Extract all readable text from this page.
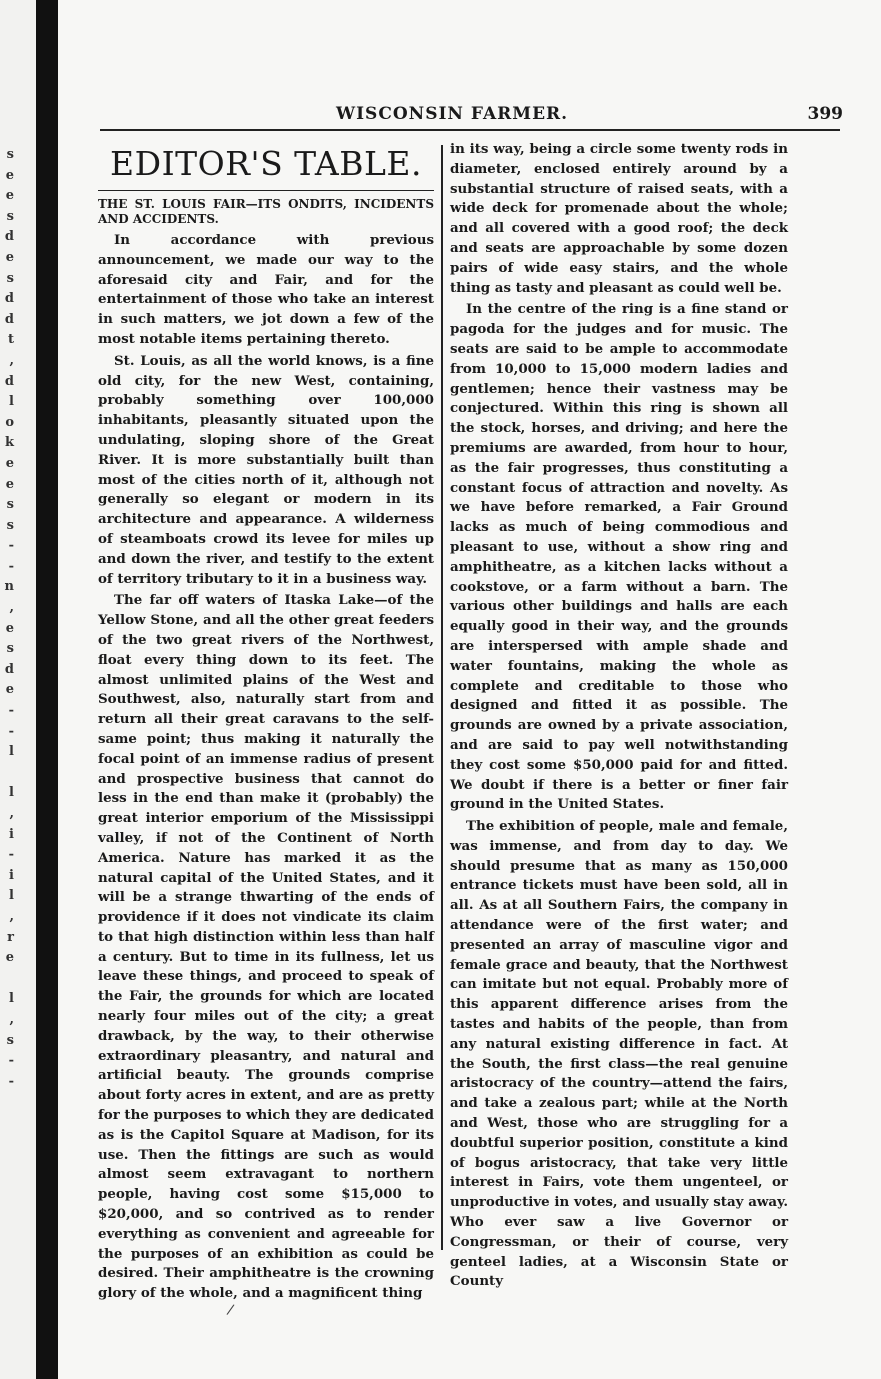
s
e
e
s
d
e
s
d
d
t
,
d
l
o
k
e
e
s
s
-
-
n
,
e
s
d
e
-
-
l

l
,
i
-
i
l
,
r
e

l
,
s
-
-
WISCONSIN FARMER.	399
EDITOR'S TABLE.
THE ST. LOUIS FAIR—ITS ONDITS, INCIDENTS AND ACCIDENTS.

In accordance with previous announcement, we made our way to the aforesaid city and Fair, and for the entertainment of those who take an interest in such matters, we jot down a few of the most notable items pertaining thereto.

St. Louis, as all the world knows, is a fine old city, for the new West, containing, probably something over 100,000 inhabitants, pleasantly situated upon the undulating, sloping shore of the Great River. It is more substantially built than most of the cities north of it, although not generally so elegant or modern in its architecture and appearance. A wilderness of steamboats crowd its levee for miles up and down the river, and testify to the extent of territory tributary to it in a business way.

The far off waters of Itaska Lake—of the Yellow Stone, and all the other great feeders of the two great rivers of the Northwest, float every thing down to its feet. The almost unlimited plains of the West and Southwest, also, naturally start from and return all their great caravans to the self-same point; thus making it naturally the focal point of an immense radius of present and prospective business that cannot do less in the end than make it (probably) the great interior emporium of the Mississippi valley, if not of the Continent of North America. Nature has marked it as the natural capital of the United States, and it will be a strange thwarting of the ends of providence if it does not vindicate its claim to that high distinction within less than half a century. But to time in its fullness, let us leave these things, and proceed to speak of the Fair, the grounds for which are located nearly four miles out of the city; a great drawback, by the way, to their otherwise extraordinary pleasantry, and natural and artificial beauty. The grounds comprise about forty acres in extent, and are as pretty for the purposes to which they are dedicated as is the Capitol Square at Madison, for its use. Then the fittings are such as would almost seem extravagant to northern people, having cost some $15,000 to $20,000, and so contrived as to render everything as convenient and agreeable for the purposes of an exhibition as could be desired. Their amphitheatre is the crowning glory of the whole, and a magnificent thing

in its way, being a circle some twenty rods in diameter, enclosed entirely around by a substantial structure of raised seats, with a wide deck for promenade about the whole; and all covered with a good roof; the deck and seats are approachable by some dozen pairs of wide easy stairs, and the whole thing as tasty and pleasant as could well be.

In the centre of the ring is a fine stand or pagoda for the judges and for music. The seats are said to be ample to accommodate from 10,000 to 15,000 modern ladies and gentlemen; hence their vastness may be conjectured. Within this ring is shown all the stock, horses, and driving; and here the premiums are awarded, from hour to hour, as the fair progresses, thus constituting a constant focus of attraction and novelty. As we have before remarked, a Fair Ground lacks as much of being commodious and pleasant to use, without a show ring and amphitheatre, as a kitchen lacks without a cookstove, or a farm without a barn. The various other buildings and halls are each equally good in their way, and the grounds are interspersed with ample shade and water fountains, making the whole as complete and creditable to those who designed and fitted it as possible. The grounds are owned by a private association, and are said to pay well notwithstanding they cost some $50,000 paid for and fitted. We doubt if there is a better or finer fair ground in the United States.

The exhibition of people, male and female, was immense, and from day to day. We should presume that as many as 150,000 entrance tickets must have been sold, all in all. As at all Southern Fairs, the company in attendance were of the first water; and presented an array of masculine vigor and female grace and beauty, that the Northwest can imitate but not equal. Probably more of this apparent difference arises from the tastes and habits of the people, than from any natural existing difference in fact. At the South, the first class—the real genuine aristocracy of the country—attend the fairs, and take a zealous part; while at the North and West, those who are struggling for a doubtful superior position, constitute a kind of bogus aristocracy, that take very little interest in Fairs, vote them ungenteel, or unproductive in votes, and usually stay away. Who ever saw a live Governor or Congressman, or their of course, very genteel ladies, at a Wisconsin State or County

/
